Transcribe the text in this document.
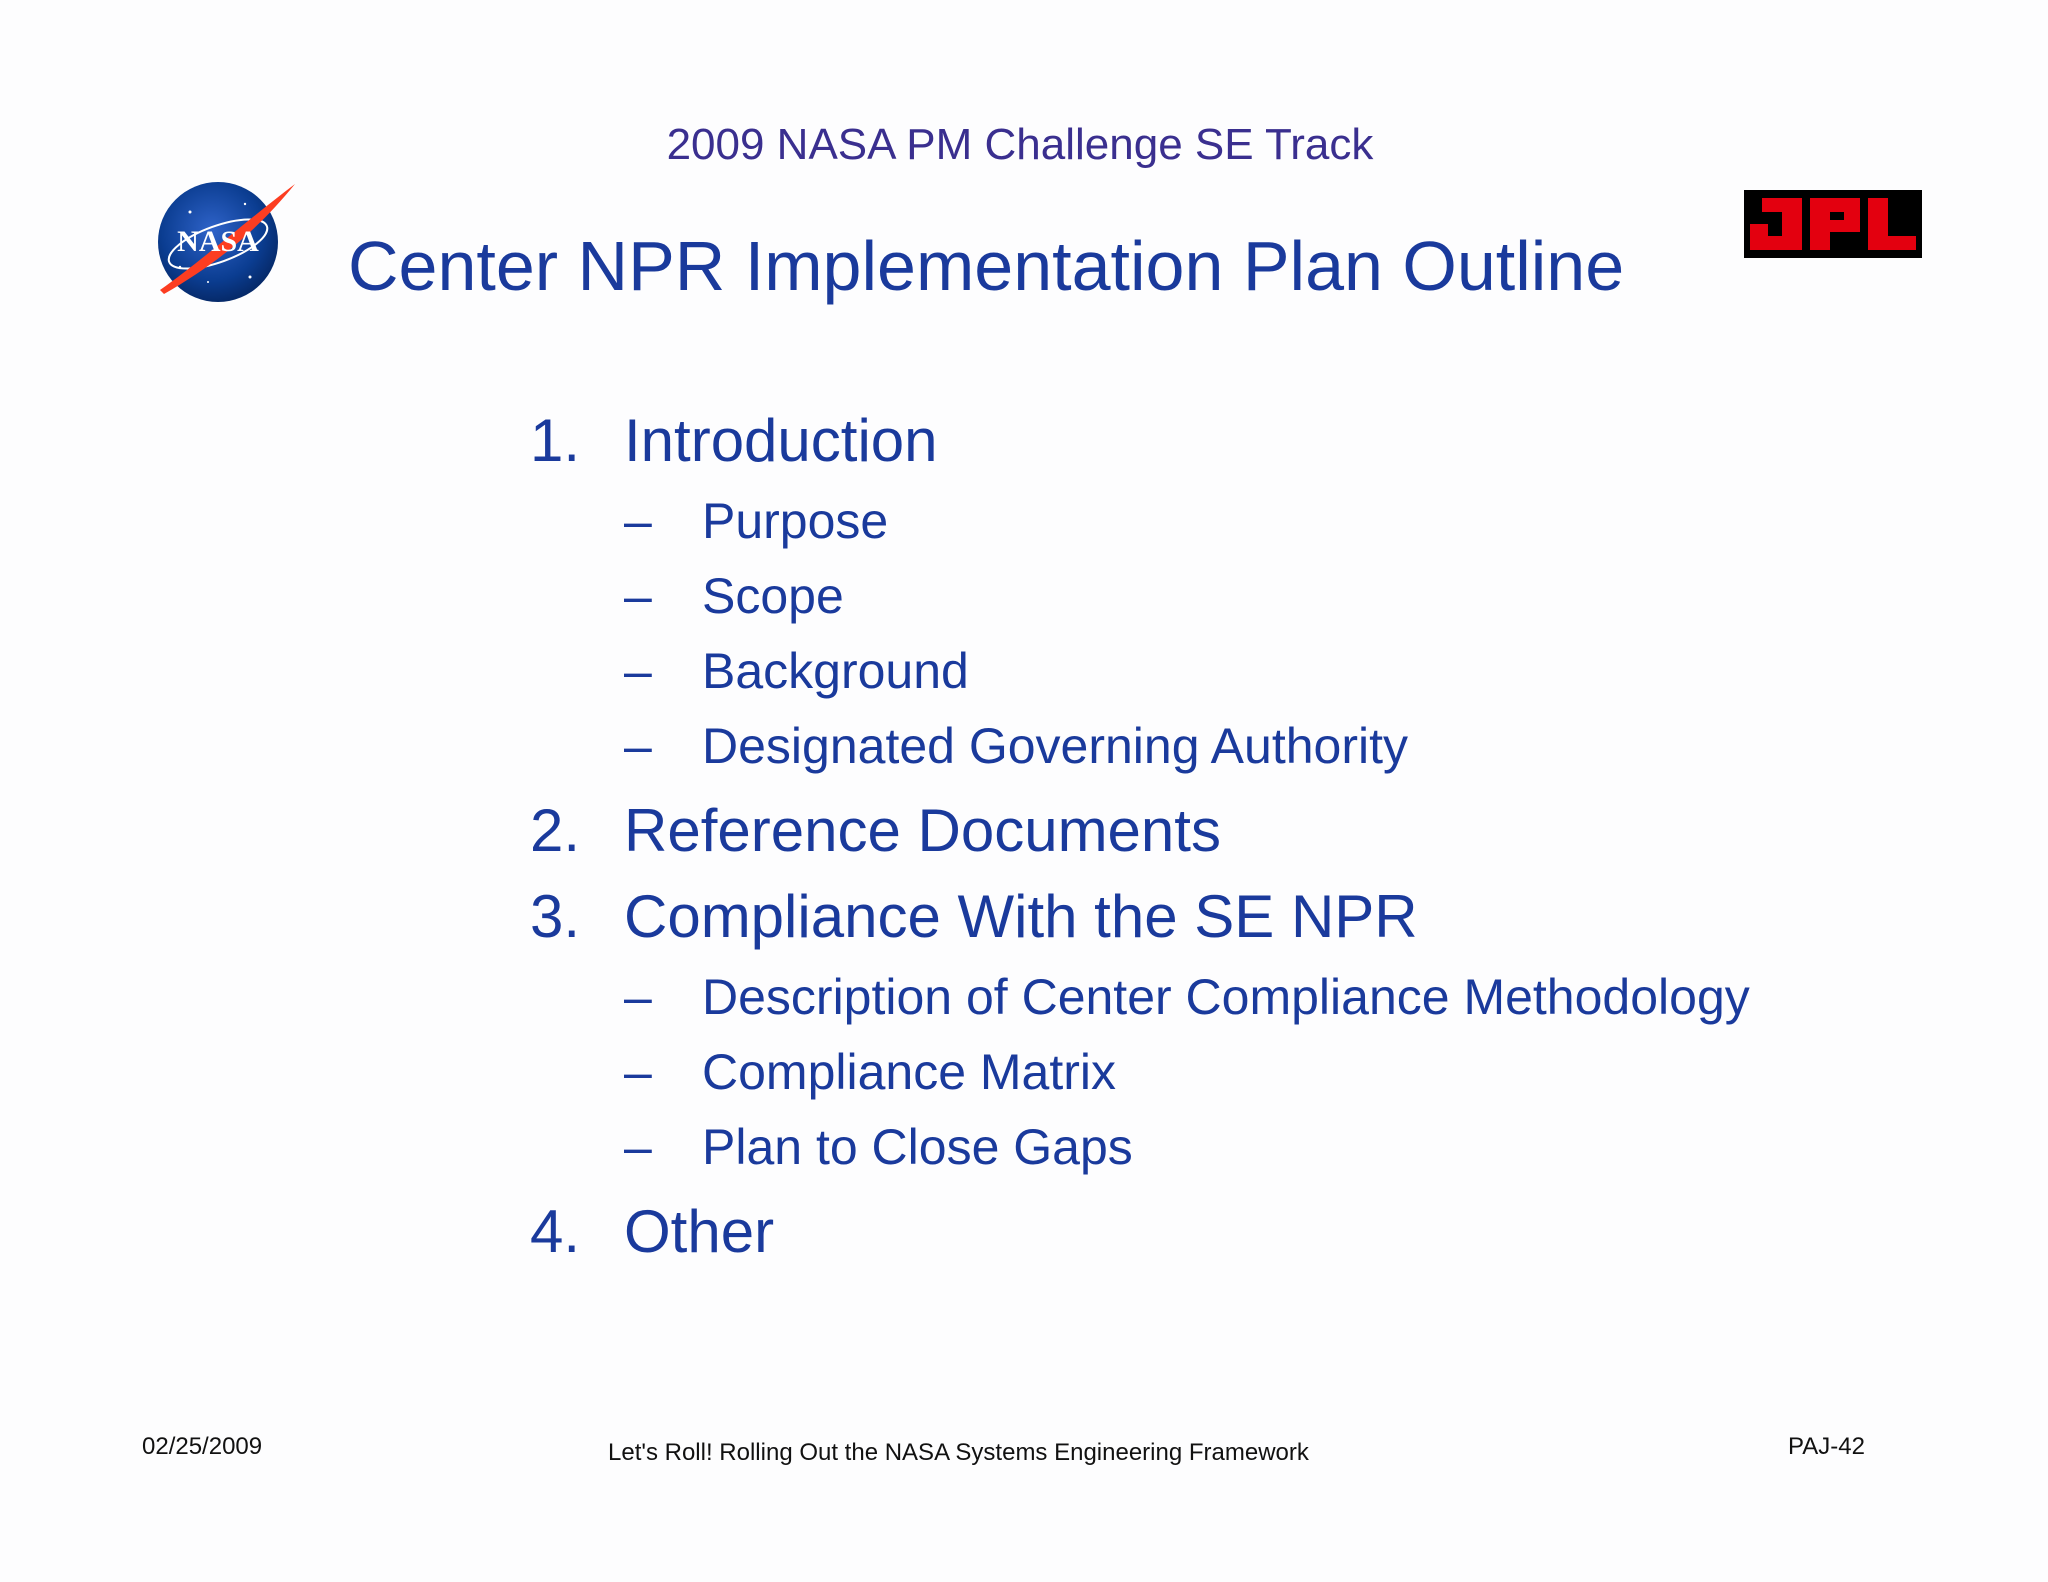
2009 NASA PM Challenge SE Track
NASA Center NPR Implementation Plan Outline
1. Introduction
–	Purpose
–	Scope
–	Background
–	Designated Governing Authority
2. Reference Documents
3. Compliance With the SE NPR
–	Description of Center Compliance Methodology
–	Compliance Matrix
–	Plan to Close Gaps
4. Other
02/25/2009	Let's Roll! Rolling Out the NASA Systems Engineering Framework	PAJ-42
